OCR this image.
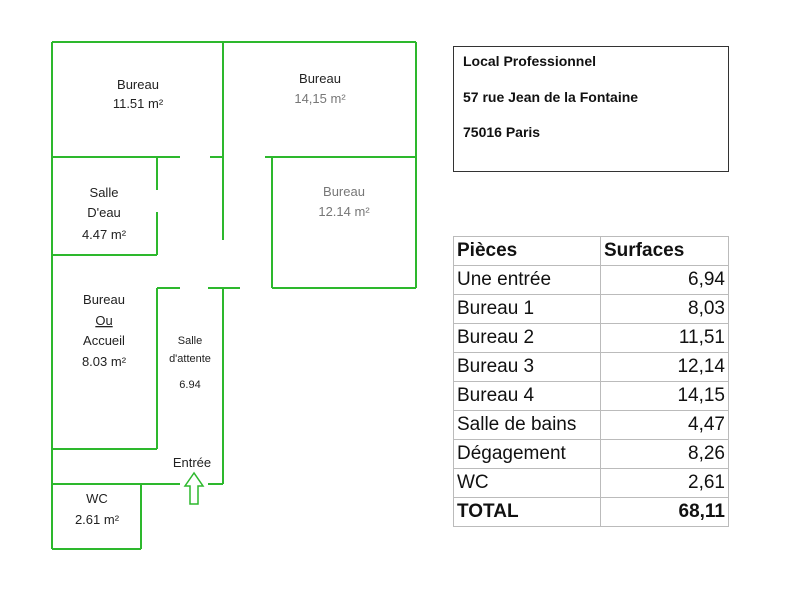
Bureau
11.51 m²
Bureau
14,15 m²
Salle
D'eau
4.47 m²
Bureau
12.14 m²
Bureau
Ou
Accueil
8.03 m²
Salle
d'attente
6.94
Entrée
WC
2.61 m²
Local Professionnel
57 rue Jean de la Fontaine
75016 Paris
Pièces	Surfaces
Une entrée	6,94
Bureau 1	8,03
Bureau 2	11,51
Bureau 3	12,14
Bureau 4	14,15
Salle de bains	4,47
Dégagement	8,26
WC	2,61
TOTAL	68,11
